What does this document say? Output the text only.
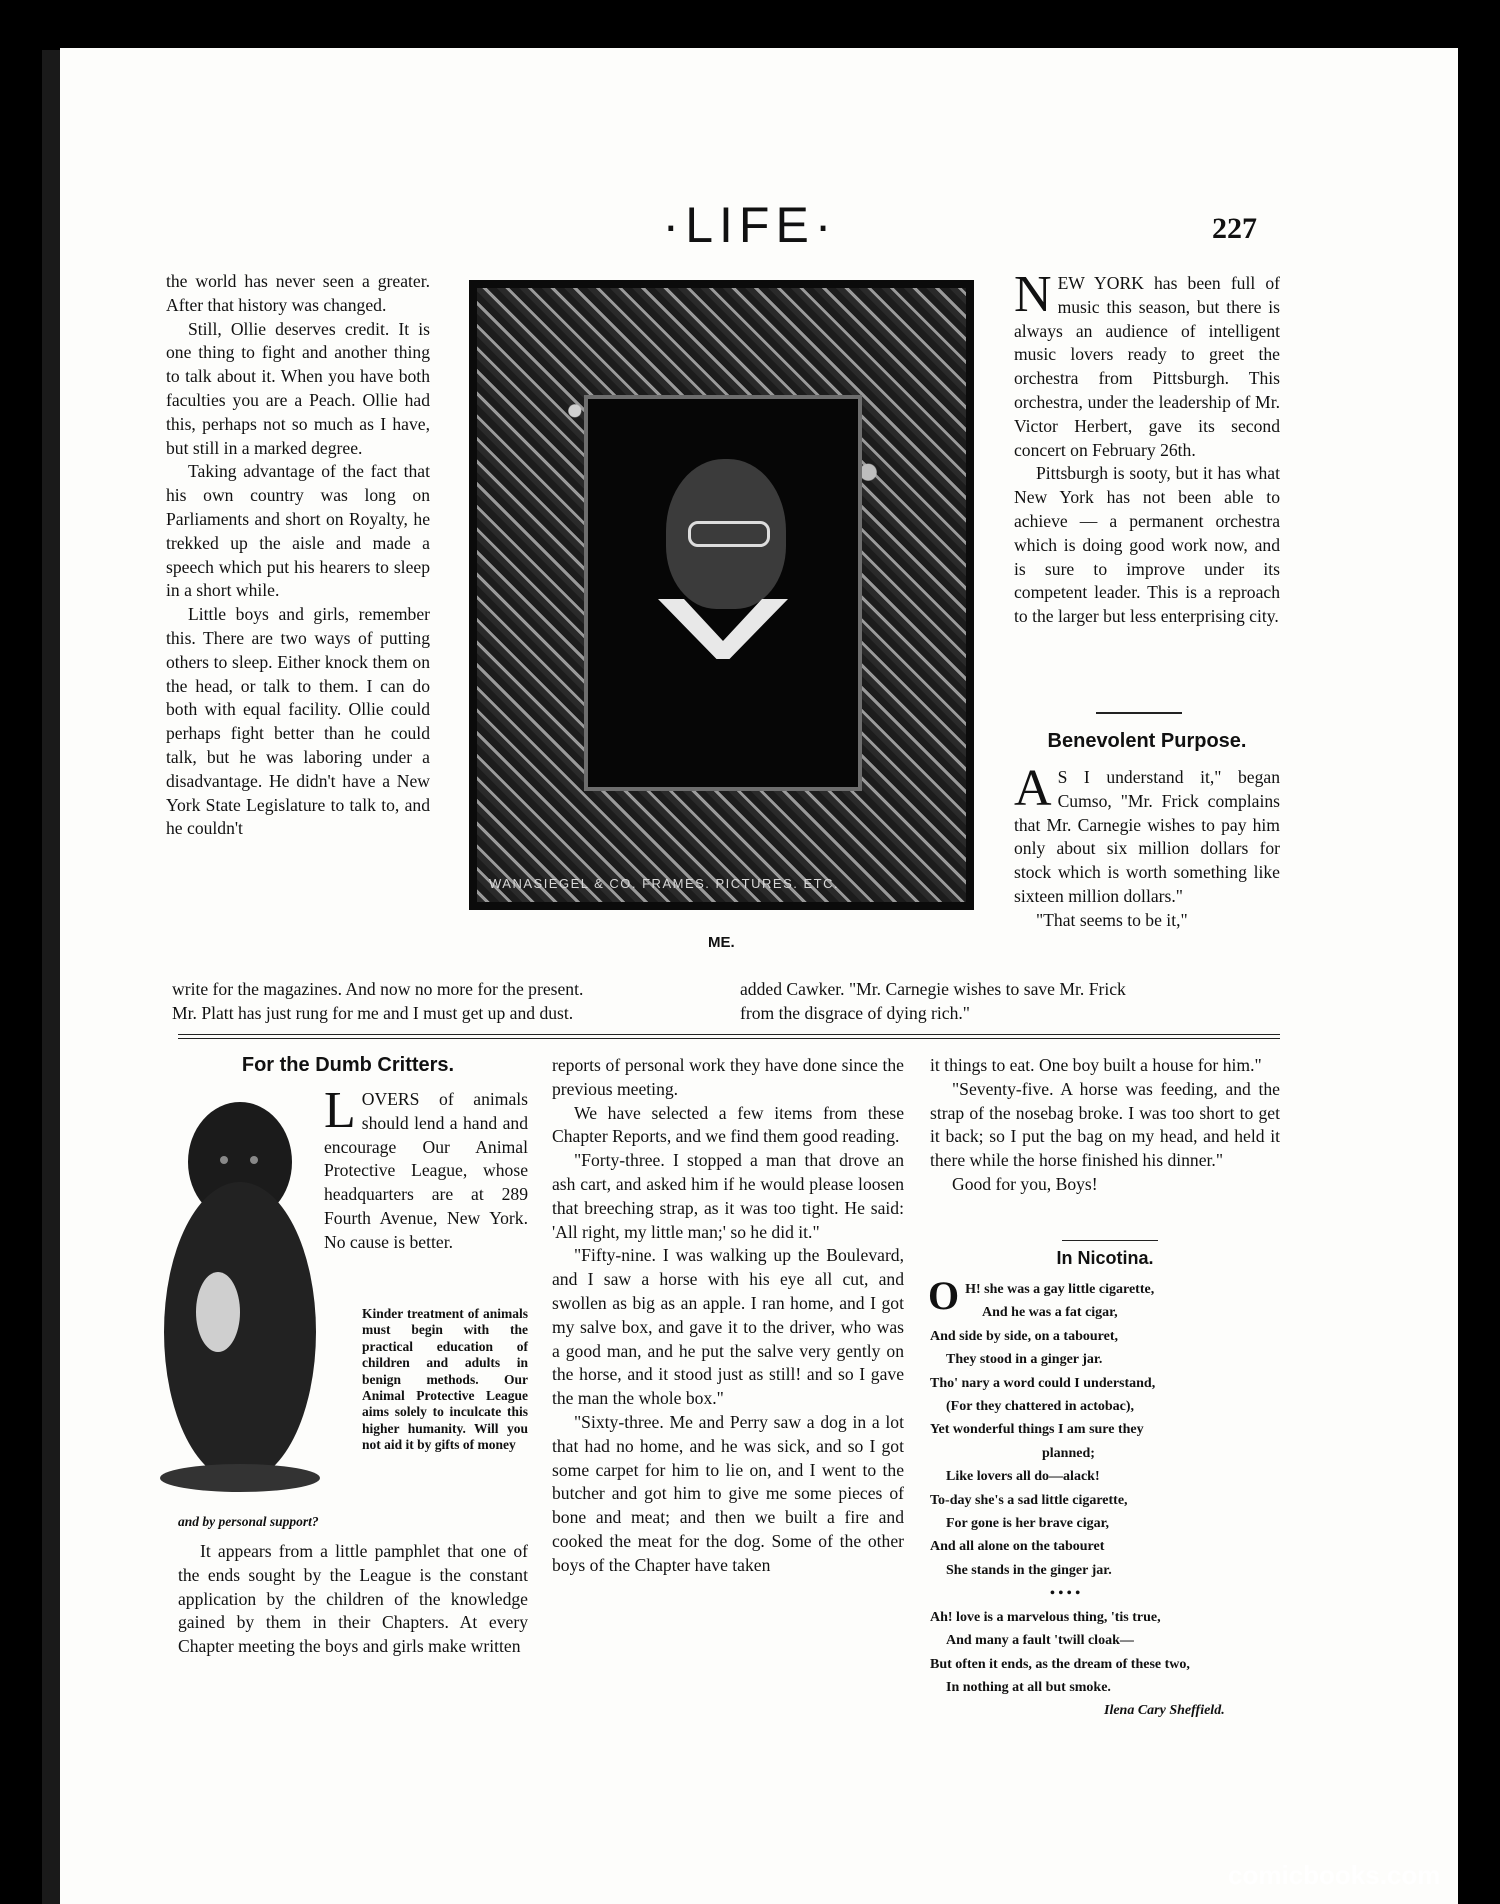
·LIFE·	227

the world has never seen a greater. After that history was changed.

Still, Ollie deserves credit. It is one thing to fight and another thing to talk about it. When you have both faculties you are a Peach. Ollie had this, perhaps not so much as I have, but still in a marked degree.

Taking advantage of the fact that his own country was long on Parliaments and short on Royalty, he trekked up the aisle and made a speech which put his hearers to sleep in a short while.

Little boys and girls, remember this. There are two ways of putting others to sleep. Either knock them on the head, or talk to them. I can do both with equal facility. Ollie could perhaps fight better than he could talk, but he was laboring under a disadvantage. He didn't have a New York State Legislature to talk to, and he couldn't

write for the magazines. And now no more for the present.

Mr. Platt has just rung for me and I must get up and dust.

WANASIEGEL & CO. FRAMES. PICTURES. ETC.
ME.

NEW YORK has been full of music this season, but there is always an audience of intelligent music lovers ready to greet the orchestra from Pittsburgh. This orchestra, under the leadership of Mr. Victor Herbert, gave its second concert on February 26th.

Pittsburgh is sooty, but it has what New York has not been able to achieve — a permanent orchestra which is doing good work now, and is sure to improve under its competent leader. This is a reproach to the larger but less enterprising city.

Benevolent Purpose.

A S I understand it," began Cumso, "Mr. Frick complains that Mr. Carnegie wishes to pay him only about six million dollars for stock which is worth something like sixteen million dollars."

"That seems to be it,"

added Cawker. "Mr. Carnegie wishes to save Mr. Frick

from the disgrace of dying rich."

For the Dumb Critters.

LOVERS of animals should lend a hand and encourage Our Animal Protective League, whose headquarters are at 289 Fourth Avenue, New York. No cause is better.

Kinder treatment of animals must begin with the practical education of children and adults in benign methods. Our Animal Protective League aims solely to inculcate this higher humanity. Will you not aid it by gifts of money
and by personal support?

It appears from a little pamphlet that one of the ends sought by the League is the constant application by the children of the knowledge gained by them in their Chapters. At every Chapter meeting the boys and girls make written

reports of personal work they have done since the previous meeting.

We have selected a few items from these Chapter Reports, and we find them good reading.

"Forty-three. I stopped a man that drove an ash cart, and asked him if he would please loosen that breeching strap, as it was too tight. He said: 'All right, my little man;' so he did it."

"Fifty-nine. I was walking up the Boulevard, and I saw a horse with his eye all cut, and swollen as big as an apple. I ran home, and I got my salve box, and gave it to the driver, who was a good man, and he put the salve very gently on the horse, and it stood just as still! and so I gave the man the whole box."

"Sixty-three. Me and Perry saw a dog in a lot that had no home, and he was sick, and so I got some carpet for him to lie on, and I went to the butcher and got him to give me some pieces of bone and meat; and then we built a fire and cooked the meat for the dog. Some of the other boys of the Chapter have taken

it things to eat. One boy built a house for him."

"Seventy-five. A horse was feeding, and the strap of the nosebag broke. I was too short to get it back; so I put the bag on my head, and held it there while the horse finished his dinner."

Good for you, Boys!

In Nicotina.
O H! she was a gay little cigarette,
And he was a fat cigar,
And side by side, on a tabouret,
They stood in a ginger jar.
Tho' nary a word could I understand,
(For they chattered in actobac),
Yet wonderful things I am sure they
planned;
Like lovers all do—alack!
To-day she's a sad little cigarette,
For gone is her brave cigar,
And all alone on the tabouret
She stands in the ginger jar.
• • • •
Ah! love is a marvelous thing, 'tis true,
And many a fault 'twill cloak—
But often it ends, as the dream of these two,
In nothing at all but smoke.
Ilena Cary Sheffield.
comicbooks.com
